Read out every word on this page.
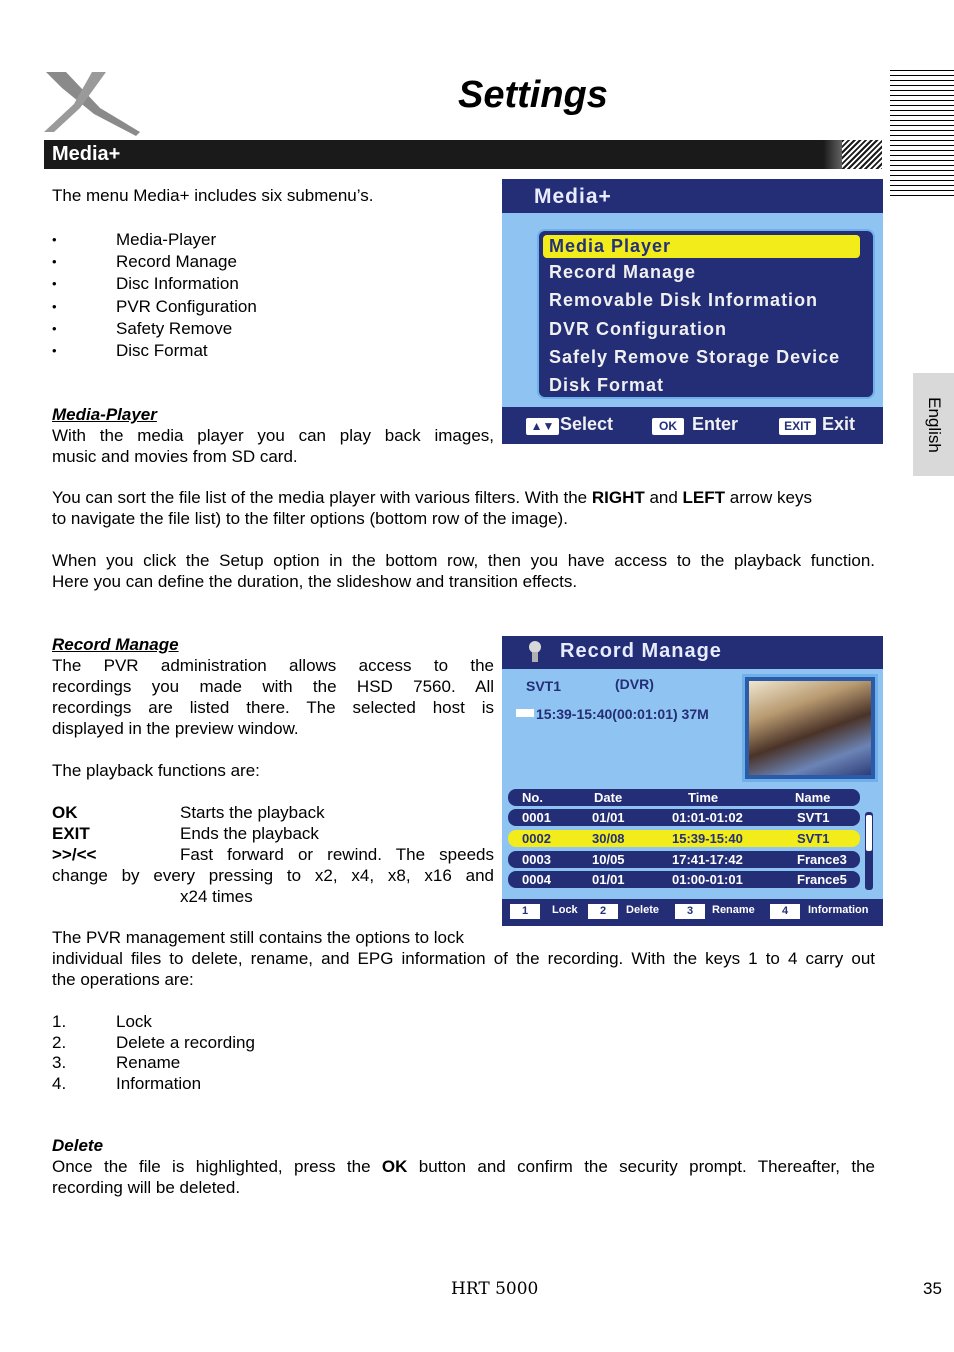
Settings
English
Media+
The menu Media+ includes six submenu’s.
• Media-Player
• Record Manage
• Disc Information
• PVR Configuration
• Safety Remove
• Disc Format
Media+
Media Player
Record Manage
Removable Disk Information
DVR Configuration
Safely Remove Storage Device
Disk Format
▲▼ Select	OK Enter	EXIT Exit
Media-Player
With the media player you can play back images,
music and movies from SD card.
You can sort the file list of the media player with various filters. With the RIGHT and LEFT arrow keys
to navigate the file list) to the filter options (bottom row of the image).
When you click the Setup option in the bottom row, then you have access to the playback function.
Here you can define the duration, the slideshow and transition effects.
Record Manage
The PVR administration allows access to the
recordings you made with the HSD 7560. All
recordings are listed there. The selected host is
displayed in the preview window.
The playback functions are:
OK	Starts the playback
EXIT	Ends the playback
>>/<<	Fast forward or rewind. The speeds
change by every pressing to x2, x4, x8, x16 and
x24 times
The PVR management still contains the options to lock
individual files to delete, rename, and EPG information of the recording. With the keys 1 to 4 carry out
the operations are:
1.	Lock
2.	Delete a recording
3.	Rename
4.	Information
Record Manage
SVT1	(DVR)
15:39-15:40(00:01:01) 37M
No.	Date	Time	Name
0001	01/01	01:01-01:02	SVT1
0002	30/08	15:39-15:40	SVT1
0003	10/05	17:41-17:42	France3
0004	01/01	01:00-01:01	France5
1	Lock	2	Delete	3	Rename	4	Information
Delete
Once the file is highlighted, press the OK button and confirm the security prompt. Thereafter, the
recording will be deleted.
HRT 5000	35
